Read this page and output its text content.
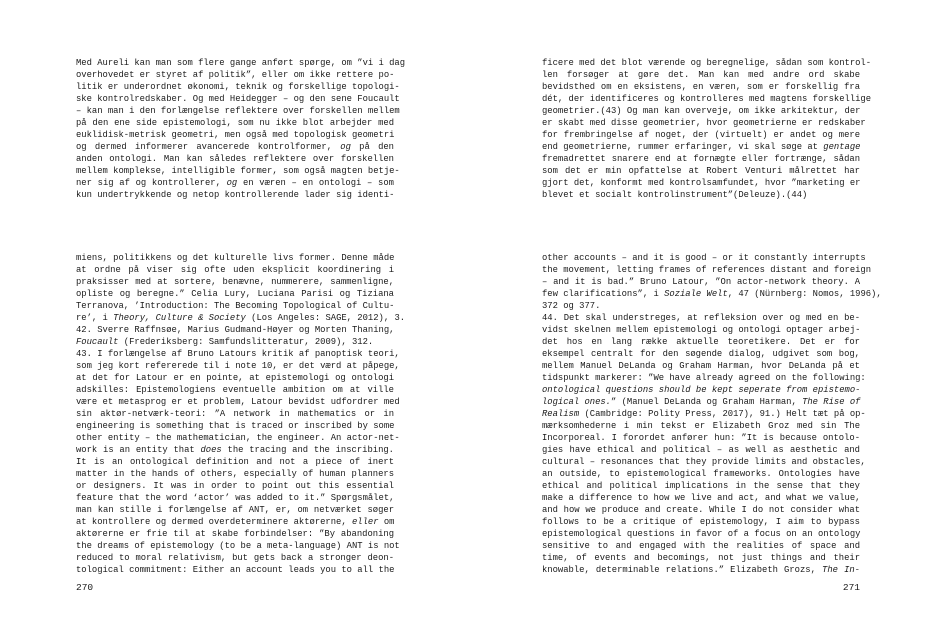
Med Aureli kan man som flere gange anført spørge, om ”vi i dag
overhovedet er styret af politik”, eller om ikke rettere po-
litik er underordnet økonomi, teknik og forskellige topologi-
ske kontrolredskaber. Og med Heidegger – og den sene Foucault
– kan man i den forlængelse reflektere over forskellen mellem
på den ene side epistemologi, som nu ikke blot arbejder med
euklidisk-metrisk geometri, men også med topologisk geometri
og dermed informerer avancerede kontrolformer, og på den
anden ontologi. Man kan således reflektere over forskellen
mellem komplekse, intelligible former, som også magten betje-
ner sig af og kontrollerer, og en væren – en ontologi – som
kun undertrykkende og netop kontrollerende lader sig identi-
miens, politikkens og det kulturelle livs former. Denne måde
at ordne på viser sig ofte uden eksplicit koordinering i
praksisser med at sortere, benævne, nummerere, sammenligne,
opliste og beregne.” Celia Lury, Luciana Parisi og Tiziana
Terranova, ’Introduction: The Becoming Topological of Cultu-
re’, i Theory, Culture & Society (Los Angeles: SAGE, 2012), 3.
42. Sverre Raffnsøe, Marius Gudmand-Høyer og Morten Thaning,
Foucault (Frederiksberg: Samfundslitteratur, 2009), 312.
43. I forlængelse af Bruno Latours kritik af panoptisk teori,
som jeg kort refererede til i note 10, er det værd at påpege,
at det for Latour er en pointe, at epistemologi og ontologi
adskilles: Epistemologiens eventuelle ambition om at ville
være et metasprog er et problem, Latour bevidst udfordrer med
sin aktør-netværk-teori: ”A network in mathematics or in
engineering is something that is traced or inscribed by some
other entity – the mathematician, the engineer. An actor-net-
work is an entity that does the tracing and the inscribing.
It is an ontological definition and not a piece of inert
matter in the hands of others, especially of human planners
or designers. It was in order to point out this essential
feature that the word ‘actor’ was added to it.” Spørgsmålet,
man kan stille i forlængelse af ANT, er, om netværket søger
at kontrollere og dermed overdeterminere aktørerne, eller om
aktørerne er frie til at skabe forbindelser: ”By abandoning
the dreams of epistemology (to be a meta-language) ANT is not
reduced to moral relativism, but gets back a stronger deon-
tological commitment: Either an account leads you to all the
270
ficere med det blot værende og beregnelige, sådan som kontrol-
len forsøger at gøre det. Man kan med andre ord skabe
bevidsthed om en eksistens, en væren, som er forskellig fra
dét, der identificeres og kontrolleres med magtens forskellige
geometrier.(43) Og man kan overveje, om ikke arkitektur, der
er skabt med disse geometrier, hvor geometrierne er redskaber
for frembringelse af noget, der (virtuelt) er andet og mere
end geometrierne, rummer erfaringer, vi skal søge at gentage
fremadrettet snarere end at fornægte eller fortrænge, sådan
som det er min opfattelse at Robert Venturi målrettet har
gjort det, konformt med kontrolsamfundet, hvor ”marketing er
blevet et socialt kontrolinstrument”(Deleuze).(44)
other accounts – and it is good – or it constantly interrupts
the movement, letting frames of references distant and foreign
– and it is bad.” Bruno Latour, ”On actor-network theory. A
few clarifications”, i Soziale Welt, 47 (Nürnberg: Nomos, 1996),
372 og 377.
44. Det skal understreges, at refleksion over og med en be-
vidst skelnen mellem epistemologi og ontologi optager arbej-
det hos en lang række aktuelle teoretikere. Det er for
eksempel centralt for den søgende dialog, udgivet som bog,
mellem Manuel DeLanda og Graham Harman, hvor DeLanda på et
tidspunkt markerer: ”We have already agreed on the following:
ontological questions should be kept seperate from epistemo-
logical ones.” (Manuel DeLanda og Graham Harman, The Rise of
Realism (Cambridge: Polity Press, 2017), 91.) Helt tæt på op-
mærksomhederne i min tekst er Elizabeth Groz med sin The
Incorporeal. I forordet anfører hun: ”It is because ontolo-
gies have ethical and political – as well as aesthetic and
cultural – resonances that they provide limits and obstacles,
an outside, to epistemological frameworks. Ontologies have
ethical and political implications in the sense that they
make a difference to how we live and act, and what we value,
and how we produce and create. While I do not consider what
follows to be a critique of epistemology, I aim to bypass
epistemological questions in favor of a focus on an ontology
sensitive to and engaged with the realities of space and
time, of events and becomings, not just things and their
knowable, determinable relations.” Elizabeth Grozs, The In-
271
